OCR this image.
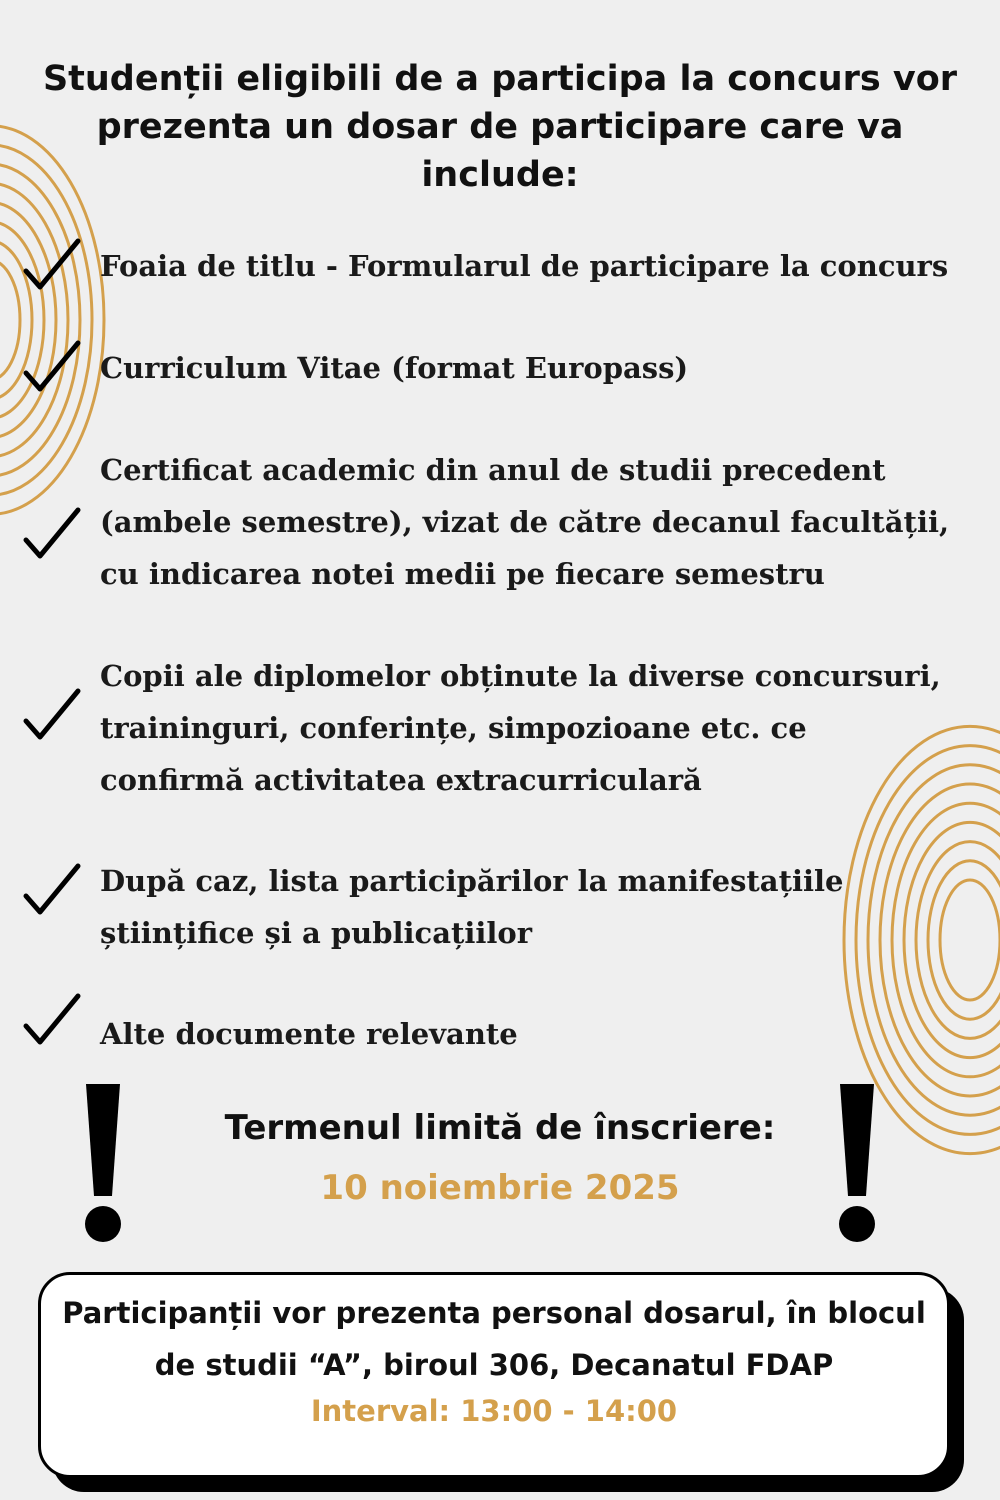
Studenții eligibili de a participa la concurs vor prezenta un dosar de participare care va include:
Foaia de titlu - Formularul de participare la concurs
Curriculum Vitae (format Europass)
Certificat academic din anul de studii precedent
(ambele semestre), vizat de către decanul facultății,
cu indicarea notei medii pe fiecare semestru
Copii ale diplomelor obținute la diverse concursuri,
traininguri, conferințe, simpozioane etc. ce
confirmă activitatea extracurriculară
După caz, lista participărilor la manifestațiile
științifice și a publicațiilor
Alte documente relevante
Termenul limită de înscriere:
10 noiembrie 2025
Participanții vor prezenta personal dosarul, în blocul de studii “A”, biroul 306, Decanatul FDAP
Interval: 13:00 - 14:00
